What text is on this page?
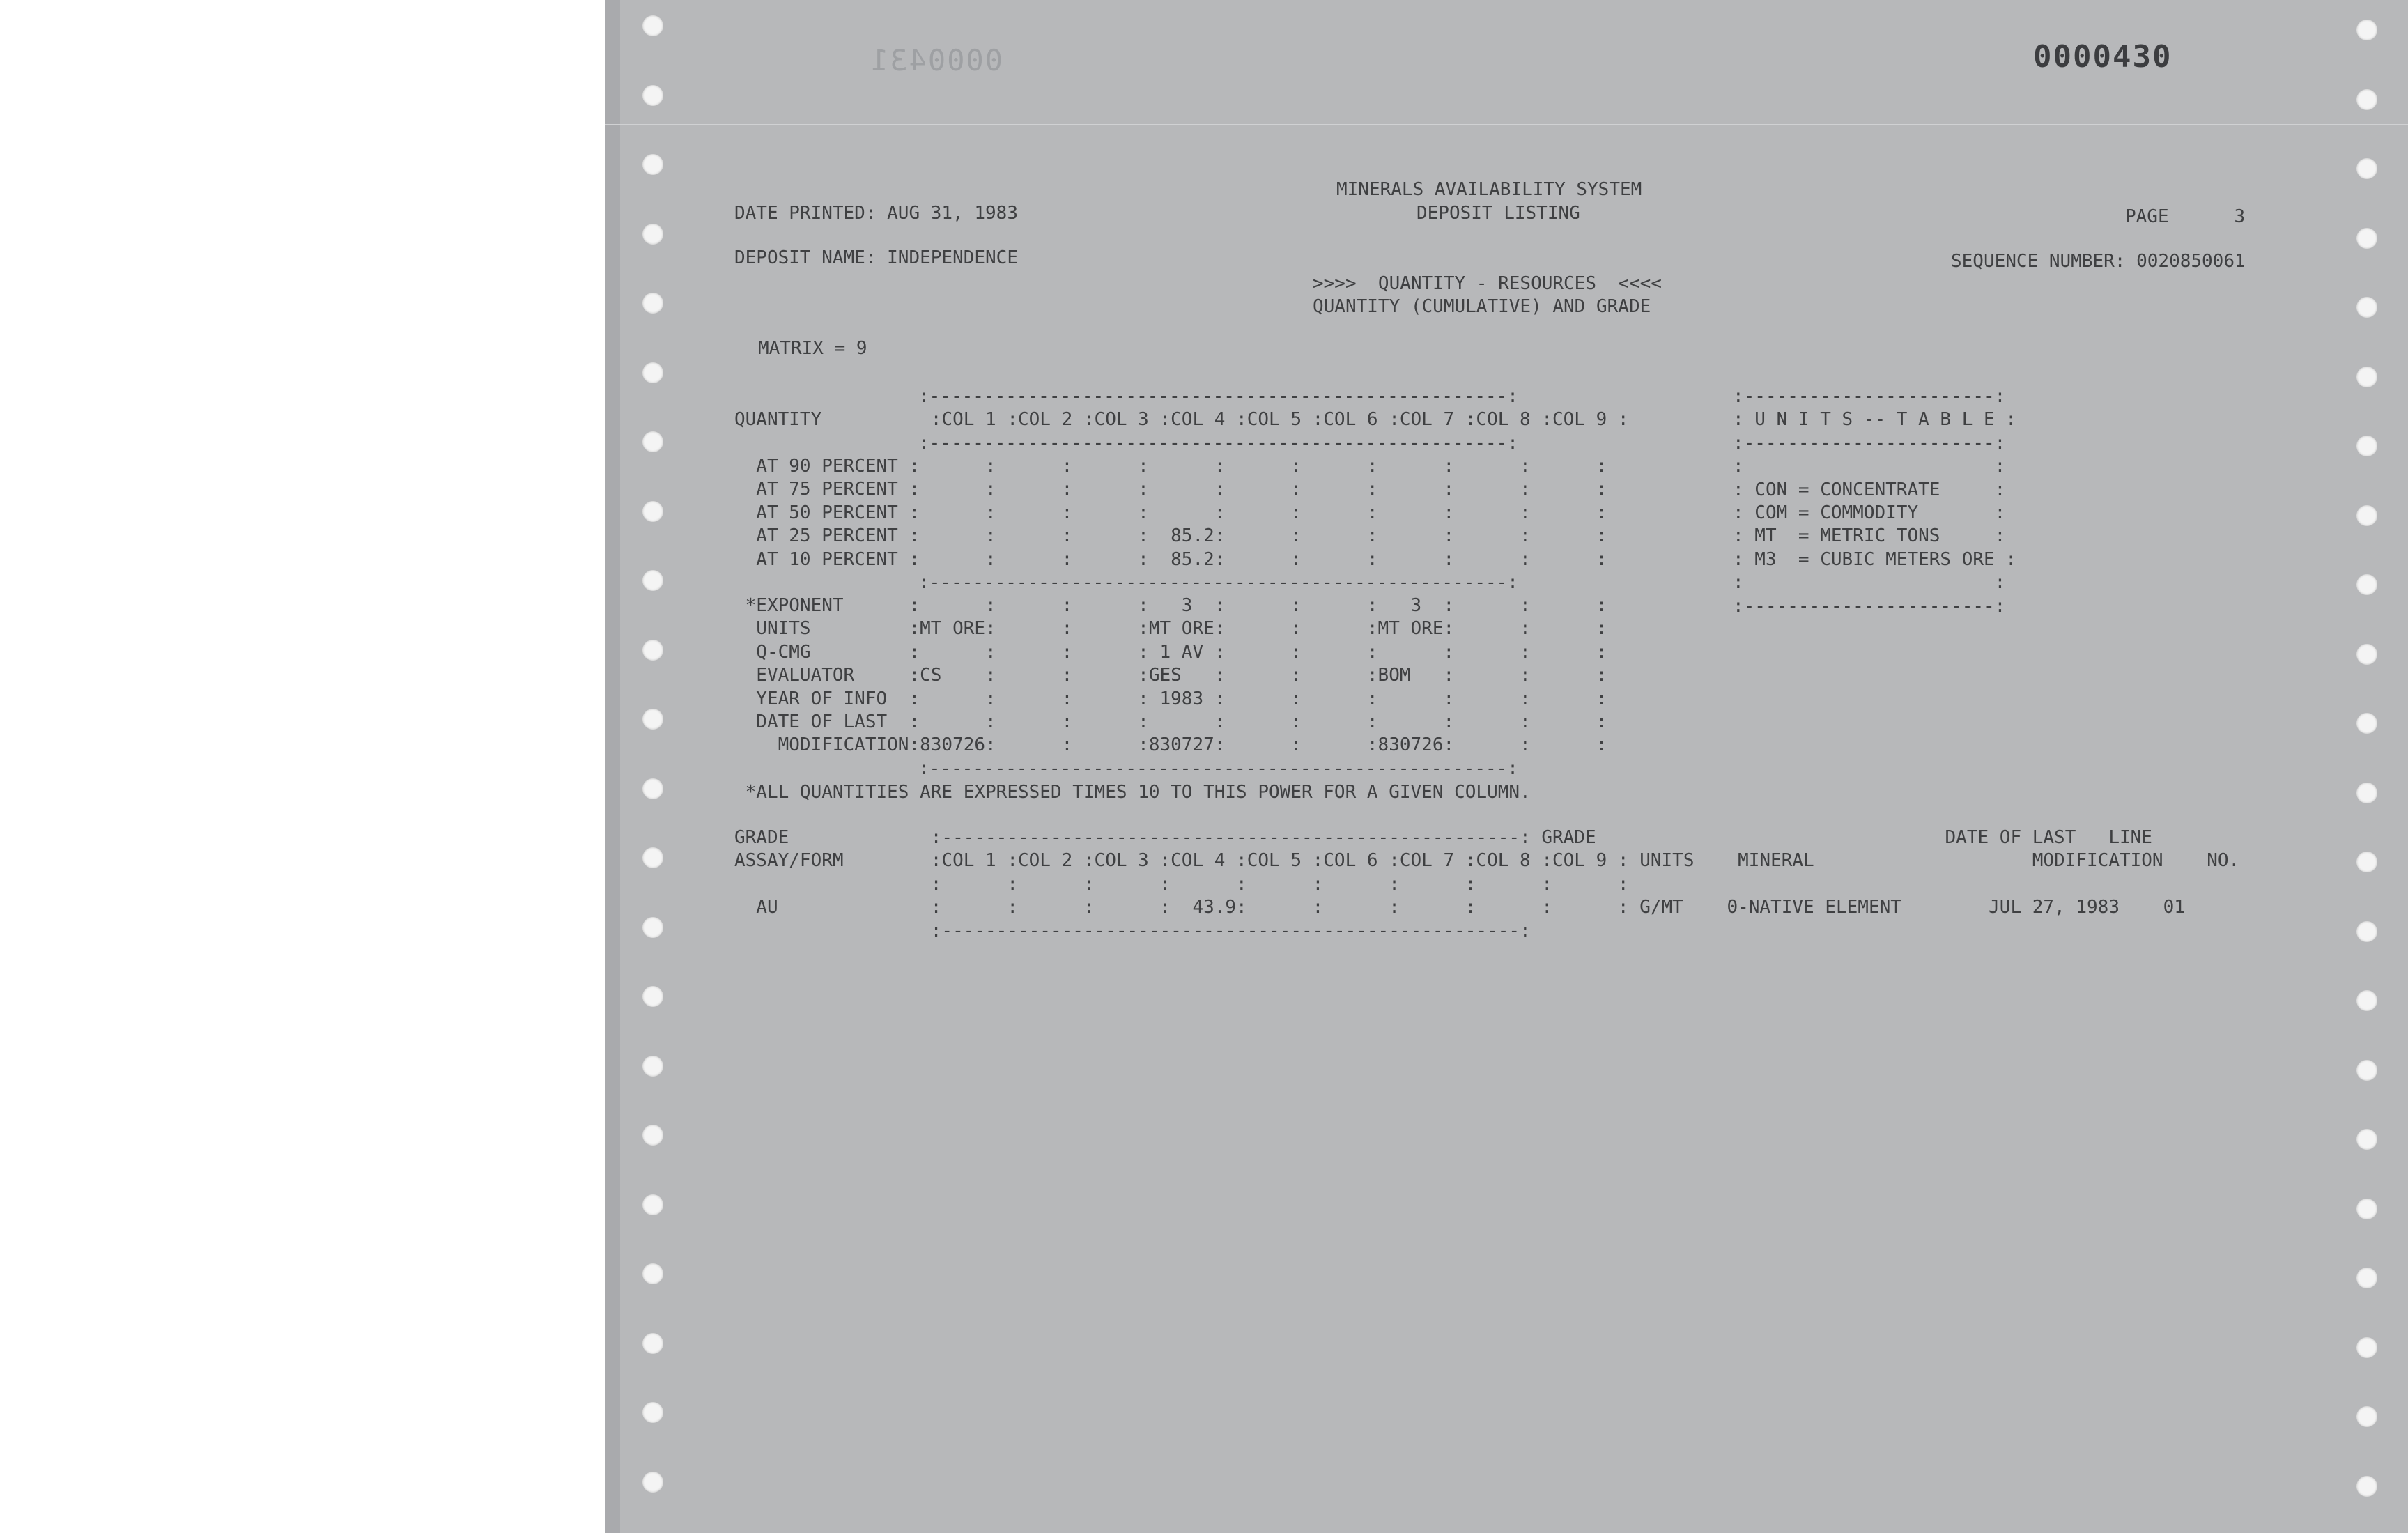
0000431	0000430

MINERALS AVAILABILITY SYSTEM

DEPOSIT LISTING

DATE PRINTED: AUG 31, 1983	PAGE      3

DEPOSIT NAME: INDEPENDENCE	SEQUENCE NUMBER: 0020850061

>>>>  QUANTITY - RESOURCES  <<<<

QUANTITY (CUMULATIVE) AND GRADE

MATRIX = 9

:-----------------------------------------------------:

QUANTITY          :COL 1 :COL 2 :COL 3 :COL 4 :COL 5 :COL 6 :COL 7 :COL 8 :COL 9 :

:-----------------------------------------------------:

AT 90 PERCENT :      :      :      :      :      :      :      :      :      :

AT 75 PERCENT :      :      :      :      :      :      :      :      :      :

AT 50 PERCENT :      :      :      :      :      :      :      :      :      :

AT 25 PERCENT :      :      :      :  85.2:      :      :      :      :      :

AT 10 PERCENT :      :      :      :  85.2:      :      :      :      :      :

:-----------------------------------------------------:

*EXPONENT      :      :      :      :   3  :      :      :   3  :      :      :

UNITS         :MT ORE:      :      :MT ORE:      :      :MT ORE:      :      :

Q-CMG         :      :      :      : 1 AV :      :      :      :      :      :

EVALUATOR     :CS    :      :      :GES   :      :      :BOM   :      :      :

YEAR OF INFO  :      :      :      : 1983 :      :      :      :      :      :

DATE OF LAST  :      :      :      :      :      :      :      :      :      :

MODIFICATION:830726:      :      :830727:      :      :830726:      :      :

:-----------------------------------------------------:

*ALL QUANTITIES ARE EXPRESSED TIMES 10 TO THIS POWER FOR A GIVEN COLUMN.

:-----------------------:

: U N I T S -- T A B L E :

:-----------------------:

:                       :

: CON = CONCENTRATE     :

: COM = COMMODITY       :

: MT  = METRIC TONS     :

: M3  = CUBIC METERS ORE :

:                       :

:-----------------------:

GRADE             :-----------------------------------------------------: GRADE                                DATE OF LAST   LINE

ASSAY/FORM        :COL 1 :COL 2 :COL 3 :COL 4 :COL 5 :COL 6 :COL 7 :COL 8 :COL 9 : UNITS    MINERAL                    MODIFICATION    NO.

:      :      :      :      :      :      :      :      :      :

AU              :      :      :      :  43.9:      :      :      :      :      : G/MT    0-NATIVE ELEMENT        JUL 27, 1983    01

:-----------------------------------------------------:
